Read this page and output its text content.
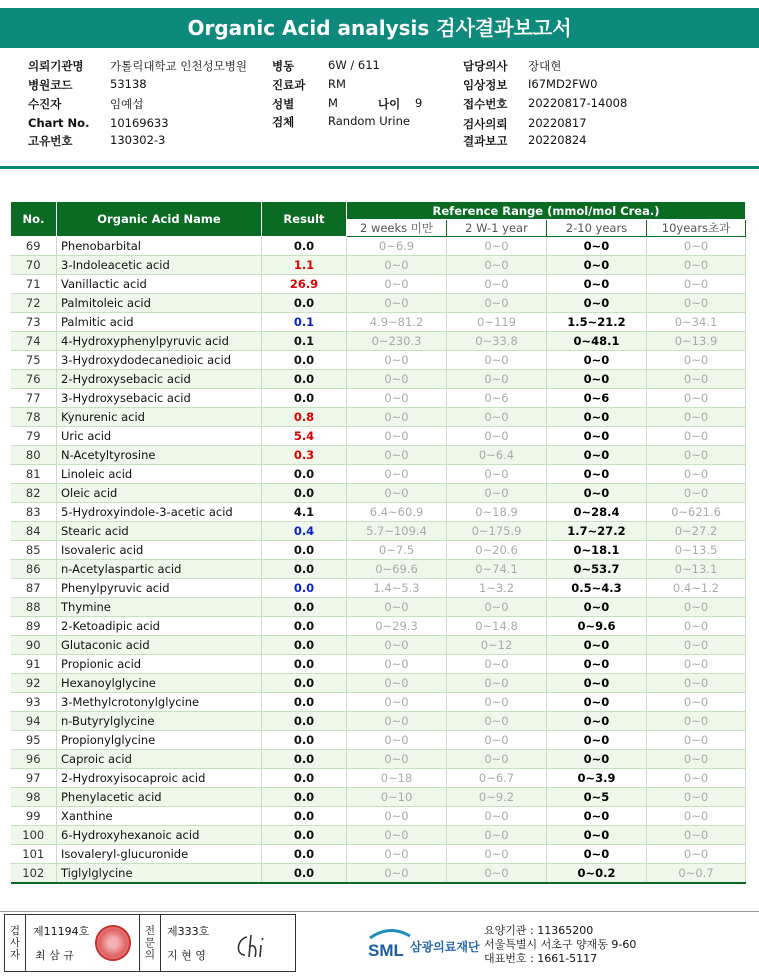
Organic Acid analysis 검사결과보고서
의뢰기관명 가톨릭대학교 인천성모병원
병원코드	53138
수진자	임예섭
Chart No. 10169633
고유번호	130302-3
병동	6W / 611
진료과 RM
성별	M	나이 9
검체	Random Urine
담당의사 장대현
임상정보 I67MD2FW0
접수번호 20220817-14008
검사의뢰 20220817
결과보고 20220824
No.	Organic Acid Name	Result	Reference Range (mmol/mol Crea.)			
			2 weeks 미만	2 W-1 year	2-10 years	10years초과
69	Phenobarbital	0.0	0~6.9	0~0	0~0	0~0
70	3-Indoleacetic acid	1.1	0~0	0~0	0~0	0~0
71	Vanillactic acid	26.9	0~0	0~0	0~0	0~0
72	Palmitoleic acid	0.0	0~0	0~0	0~0	0~0
73	Palmitic acid	0.1	4.9~81.2	0~119	1.5~21.2	0~34.1
74	4-Hydroxyphenylpyruvic acid	0.1	0~230.3	0~33.8	0~48.1	0~13.9
75	3-Hydroxydodecanedioic acid	0.0	0~0	0~0	0~0	0~0
76	2-Hydroxysebacic acid	0.0	0~0	0~0	0~0	0~0
77	3-Hydroxysebacic acid	0.0	0~0	0~6	0~6	0~0
78	Kynurenic acid	0.8	0~0	0~0	0~0	0~0
79	Uric acid	5.4	0~0	0~0	0~0	0~0
80	N-Acetyltyrosine	0.3	0~0	0~6.4	0~0	0~0
81	Linoleic acid	0.0	0~0	0~0	0~0	0~0
82	Oleic acid	0.0	0~0	0~0	0~0	0~0
83	5-Hydroxyindole-3-acetic acid	4.1	6.4~60.9	0~18.9	0~28.4	0~621.6
84	Stearic acid	0.4	5.7~109.4	0~175.9	1.7~27.2	0~27.2
85	Isovaleric acid	0.0	0~7.5	0~20.6	0~18.1	0~13.5
86	n-Acetylaspartic acid	0.0	0~69.6	0~74.1	0~53.7	0~13.1
87	Phenylpyruvic acid	0.0	1.4~5.3	1~3.2	0.5~4.3	0.4~1.2
88	Thymine	0.0	0~0	0~0	0~0	0~0
89	2-Ketoadipic acid	0.0	0~29.3	0~14.8	0~9.6	0~0
90	Glutaconic acid	0.0	0~0	0~12	0~0	0~0
91	Propionic acid	0.0	0~0	0~0	0~0	0~0
92	Hexanoylglycine	0.0	0~0	0~0	0~0	0~0
93	3-Methylcrotonylglycine	0.0	0~0	0~0	0~0	0~0
94	n-Butyrylglycine	0.0	0~0	0~0	0~0	0~0
95	Propionylglycine	0.0	0~0	0~0	0~0	0~0
96	Caproic acid	0.0	0~0	0~0	0~0	0~0
97	2-Hydroxyisocaproic acid	0.0	0~18	0~6.7	0~3.9	0~0
98	Phenylacetic acid	0.0	0~10	0~9.2	0~5	0~0
99	Xanthine	0.0	0~0	0~0	0~0	0~0
100	6-Hydroxyhexanoic acid	0.0	0~0	0~0	0~0	0~0
101	Isovaleryl-glucuronide	0.0	0~0	0~0	0~0	0~0
102	Tiglylglycine	0.0	0~0	0~0	0~0.2	0~0.7
검
사
자
제11194호
최 삼 규
전
문
의
제333호
지 현 영	SML 삼광의료재단
요양기관 : 11365200
서울특별시 서초구 양재동 9-60
대표번호 : 1661-5117
